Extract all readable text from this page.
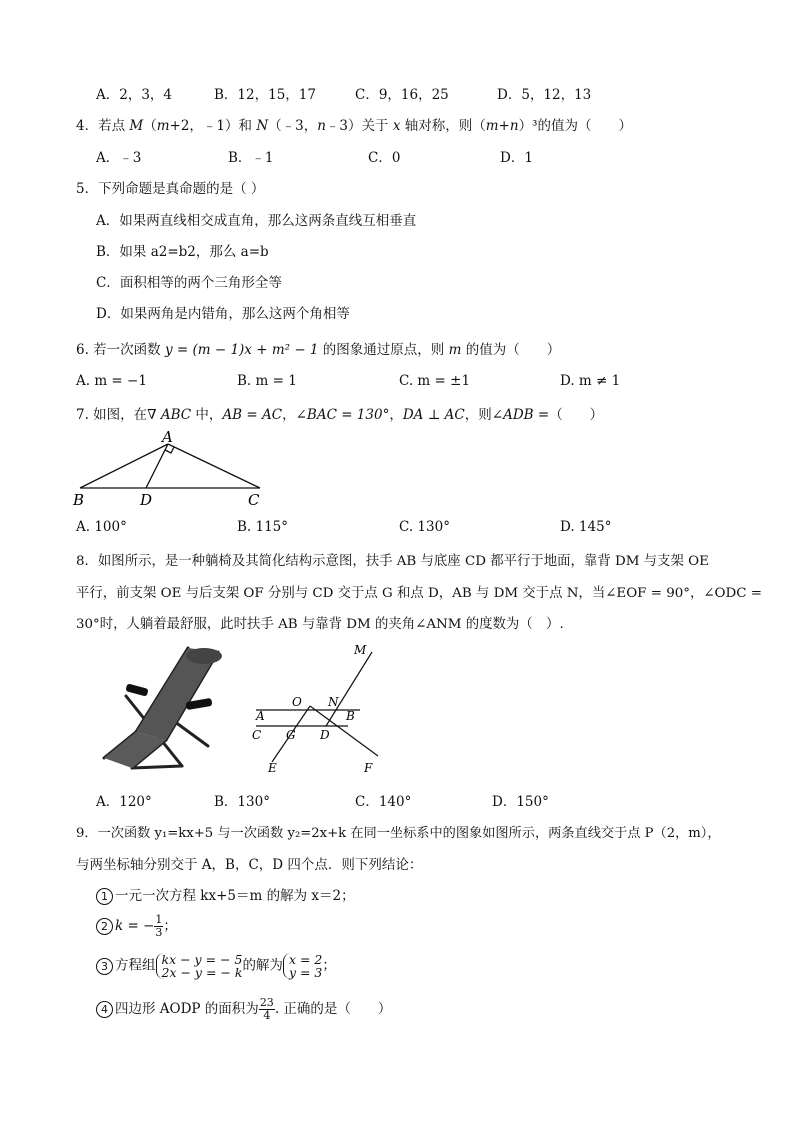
A．2，3，4	B．12，15，17	C．9，16，25	D．5，12，13
4．若点 M（m+2，﹣1）和 N（﹣3，n﹣3）关于 x 轴对称，则（m+n）³的值为（　　）
A．﹣3	B．﹣1	C．0	D．1
5．下列命题是真命题的是（ ）
A．如果两直线相交成直角，那么这两条直线互相垂直
B．如果 a2=b2，那么 a=b
C．面积相等的两个三角形全等
D．如果两角是内错角，那么这两个角相等
6. 若一次函数 y = (m − 1)x + m² − 1 的图象通过原点，则 m 的值为（　　）
A. m = −1	B. m = 1	C. m = ±1	D. m ≠ 1
7. 如图，在∇ ABC 中，AB = AC，∠BAC = 130°，DA ⊥ AC，则∠ADB =（　　）
A
B	D	C
A. 100°	B. 115°	C. 130°	D. 145°
8．如图所示，是一种躺椅及其简化结构示意图，扶手 AB 与底座 CD 都平行于地面，靠背 DM 与支架 OE
平行，前支架 OE 与后支架 OF 分别与 CD 交于点 G 和点 D，AB 与 DM 交于点 N，当∠EOF = 90°，∠ODC =
30°时，人躺着最舒服，此时扶手 AB 与靠背 DM 的夹角∠ANM 的度数为（　）.
M
O N
A	B
C G D
E	F
A．120°	B．130°	C．140°	D．150°
9．一次函数 y₁=kx+5 与一次函数 y₂=2x+k 在同一坐标系中的图象如图所示，两条直线交于点 P（2，m），
与两坐标轴分别交于 A，B，C，D 四个点．则下列结论：
1 一元一次方程 kx+5＝m 的解为 x＝2；
2 k = − $\frac{1}{3}$ ；
3 方程组 kx − y = − 5
2x − y = − k 的解为 x = 2
y = 3 ；
4 四边形 AODP 的面积为 $\frac{23}{4}$ . 正确的是（　　）
